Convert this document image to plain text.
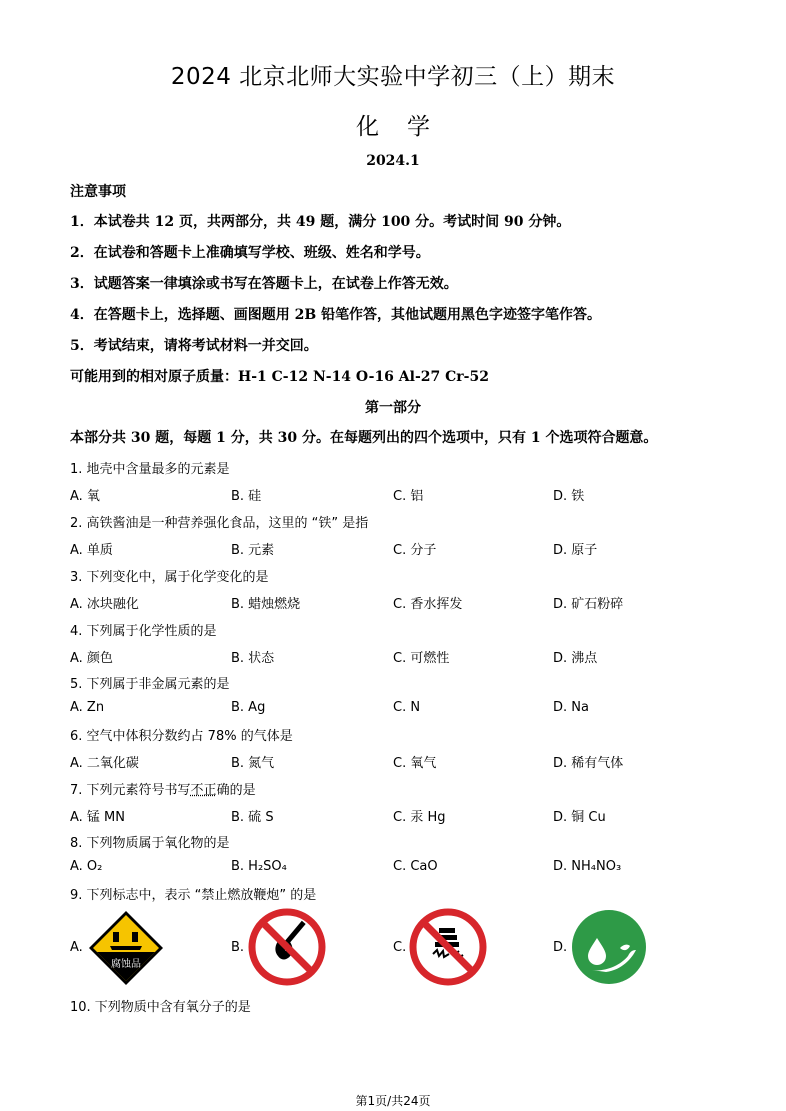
2024 北京北师大实验中学初三（上）期末
化学
2024.1
注意事项
1．本试卷共 12 页，共两部分，共 49 题，满分 100 分。考试时间 90 分钟。
2．在试卷和答题卡上准确填写学校、班级、姓名和学号。
3．试题答案一律填涂或书写在答题卡上，在试卷上作答无效。
4．在答题卡上，选择题、画图题用 2B 铅笔作答，其他试题用黑色字迹签字笔作答。
5．考试结束，请将考试材料一并交回。
可能用到的相对原子质量：H-1 C-12 N-14 O-16 Al-27 Cr-52
第一部分
本部分共 30 题，每题 1 分，共 30 分。在每题列出的四个选项中，只有 1 个选项符合题意。
1. 地壳中含量最多的元素是
A. 氧	B. 硅	C. 铝	D. 铁
2. 高铁酱油是一种营养强化食品，这里的 “铁” 是指
A. 单质	B. 元素	C. 分子	D. 原子
3. 下列变化中，属于化学变化的是
A. 冰块融化	B. 蜡烛燃烧	C. 香水挥发	D. 矿石粉碎
4. 下列属于化学性质的是
A. 颜色	B. 状态	C. 可燃性	D. 沸点
5. 下列属于非金属元素的是
A. Zn	B. Ag	C. N	D. Na
6. 空气中体积分数约占 78% 的气体是
A. 二氧化碳	B. 氮气	C. 氧气	D. 稀有气体
7. 下列元素符号书写不正确的是
A. 锰 MN	B. 硫 S	C. 汞 Hg	D. 铜 Cu
8. 下列物质属于氧化物的是
A. O₂	B. H₂SO₄	C. CaO	D. NH₄NO₃
9. 下列标志中，表示 “禁止燃放鞭炮” 的是
A.	B.	C.	D.
腐蚀品
10. 下列物质中含有氧分子的是
第1页/共24页
